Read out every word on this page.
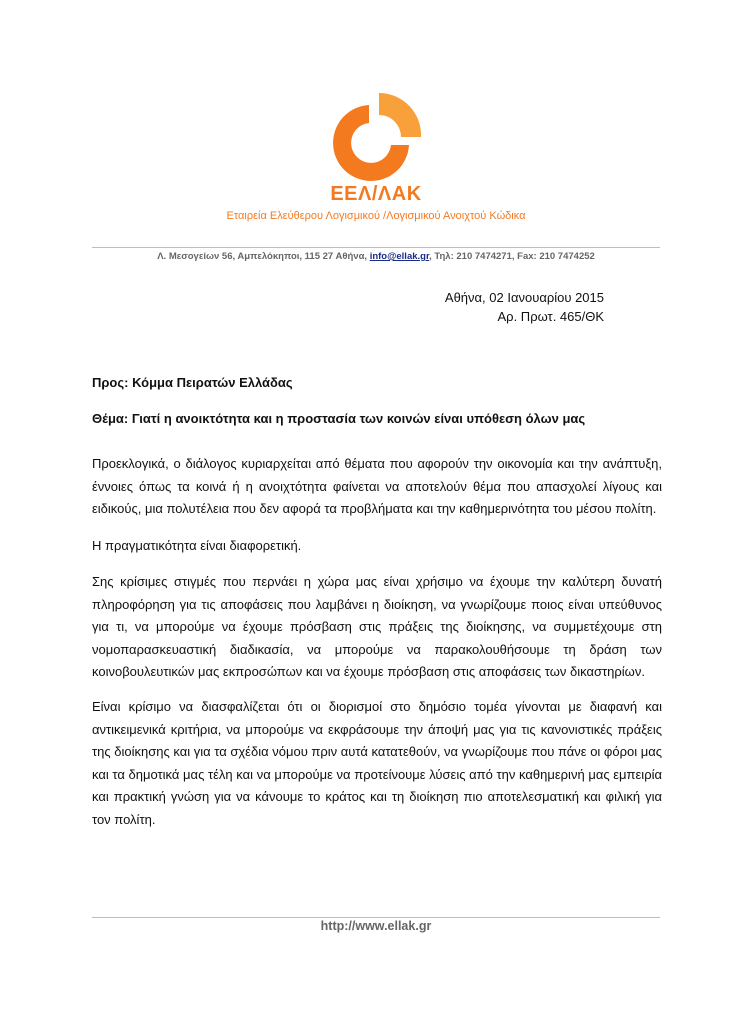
ΕΕΛ/ΛΑΚ
Εταιρεία Ελεύθερου Λογισμικού /Λογισμικού Ανοιχτού Κώδικα
Λ. Μεσογείων 56, Αμπελόκηποι, 115 27 Αθήνα, info@ellak.gr, Τηλ: 210 7474271, Fax: 210 7474252
Αθήνα, 02 Ιανουαρίου 2015
Αρ. Πρωτ. 465/ΘΚ
Προς: Κόμμα Πειρατών Ελλάδας
Θέμα: Γιατί η ανοικτότητα και η προστασία των κοινών είναι υπόθεση όλων μας
Προεκλογικά, ο διάλογος κυριαρχείται από θέματα που αφορούν την οικονομία και την ανάπτυξη, έννοιες όπως τα κοινά ή η ανοιχτότητα φαίνεται να αποτελούν θέμα που απασχολεί λίγους και ειδικούς, μια πολυτέλεια που δεν αφορά τα προβλήματα και την καθημερινότητα του μέσου πολίτη.
Η πραγματικότητα είναι διαφορετική.
Σης κρίσιμες στιγμές που περνάει η χώρα μας είναι χρήσιμο να έχουμε την καλύτερη δυνατή πληροφόρηση για τις αποφάσεις που λαμβάνει η διοίκηση, να γνωρίζουμε ποιος είναι υπεύθυνος για τι, να μπορούμε να έχουμε πρόσβαση στις πράξεις της διοίκησης, να συμμετέχουμε στη νομοπαρασκευαστική διαδικασία, να μπορούμε να παρακολουθήσουμε τη δράση των κοινοβουλευτικών μας εκπροσώπων και να έχουμε πρόσβαση στις αποφάσεις των δικαστηρίων.
Είναι κρίσιμο να διασφαλίζεται ότι οι διορισμοί στο δημόσιο τομέα γίνονται με διαφανή και αντικειμενικά κριτήρια, να μπορούμε να εκφράσουμε την άποψή μας για τις κανονιστικές πράξεις της διοίκησης και για τα σχέδια νόμου πριν αυτά κατατεθούν, να γνωρίζουμε που πάνε οι φόροι μας και τα δημοτικά μας τέλη και να μπορούμε να προτείνουμε λύσεις από την καθημερινή μας εμπειρία και πρακτική γνώση για να κάνουμε το κράτος και τη διοίκηση πιο αποτελεσματική και φιλική για τον πολίτη.
http://www.ellak.gr
